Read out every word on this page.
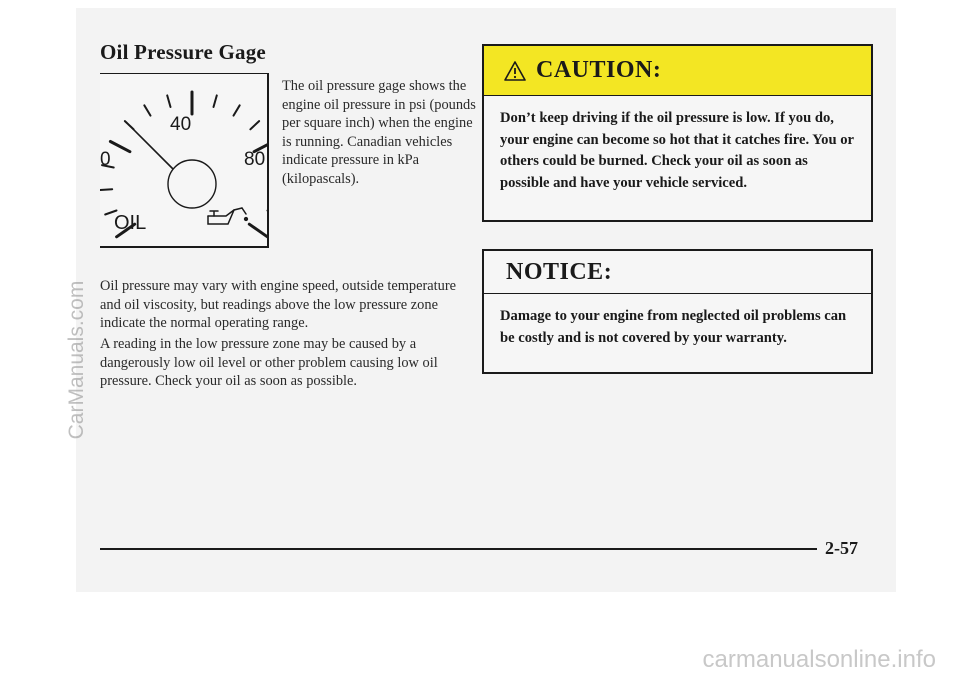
Oil Pressure Gage
0
40
80
OIL
The oil pressure gage shows the engine oil pressure in psi (pounds per square inch) when the engine is running. Canadian vehicles indicate pressure in kPa (kilopascals).
Oil pressure may vary with engine speed, outside temperature and oil viscosity, but readings above the low pressure zone indicate the normal operating range.
A reading in the low pressure zone may be caused by a dangerously low oil level or other problem causing low oil pressure. Check your oil as soon as possible.
CAUTION:
Don’t keep driving if the oil pressure is low. If you do, your engine can become so hot that it catches fire. You or others could be burned. Check your oil as soon as possible and have your vehicle serviced.
NOTICE:
Damage to your engine from neglected oil problems can be costly and is not covered by your warranty.
2-57
CarManuals.com
carmanualsonline.info
